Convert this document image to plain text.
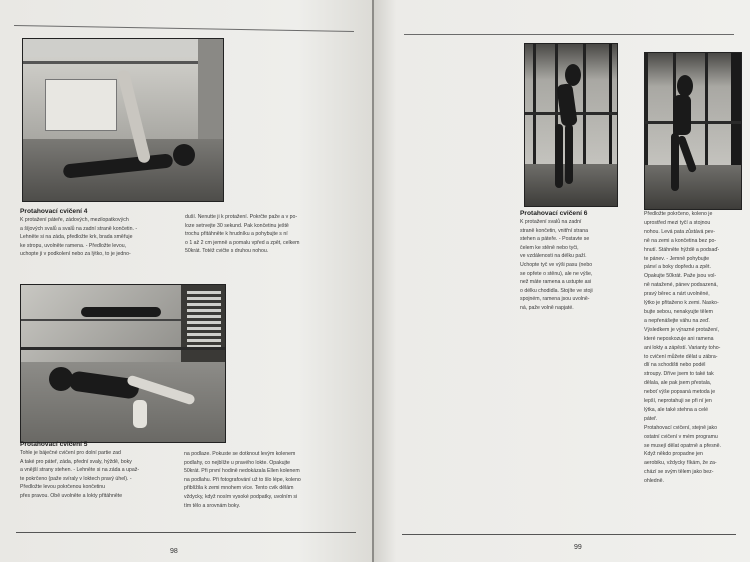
Protahovací cvičení 4
K protažení páteře, zádových, mezilopatkových
a šíjových svalů a svalů na zadní straně končetin. -
Lehněte si na záda, předložte krk, brada směřuje
ke stropu, uvolněte ramena. - Předložte levou,
uchopte ji v podkolení nebo za lýtko, to je jedno-
duší. Nenutte ji k protažení. Pokrčte paže a v po-
loze setrvejte 30 sekund. Pak končetinu ještě
trochu přitáhněte k hrudníku a pohybujte s ní
o 1 až 2 cm jemně a pomalu vpřed a zpět, celkem
50krát. Totéž cvičte s druhou nohou.
Protahovací cvičení 5
Tohle je báječné cvičení pro dolní partie zad
A také pro páteř, záda, přední svaly, hýždě, boky
a vnější strany stehen. - Lehněte si na záda a upaž-
te pokrčeno (paže svíraly v loktech pravý úhel). -
Předložte levou pokrčenou končetinu
přes pravou. Obě uvolněte a lokty přitáhněte
na podlaze. Pokuste se dotknout levým kolenem
podlahy, co nejblíže u pravého lokte. Opakujte
50krát. Při první hodině nedokázala Ellen kolenem
na podlahu. Při fotografování už to šlo lépe, koleno
přiblížila k zemi mnohem více. Tento cvik dělám
vždycky, když nosím vysoké podpatky, uvolním si
tím tělo a srovnám boky.
98
Protahovací cvičení 6
K protažení svalů na zadní
straně končetin, vnitřní strana
stehen a páteře. - Postavte se
čelem ke stěně nebo tyči,
ve vzdálenosti na délku paží.
Uchopte tyč ve výši pasu (nebo
se opřete o stěnu), ale ne výše,
než máte ramena a ustupte asi
o délku chodidla. Stojíte ve stoji
spojném, ramena jsou uvolně-
ná, paže volně napjaté.
Předložte pokrčeno, koleno je
uprostřed mezi tyčí a stojnou
nohou. Levá pata zůstává pev-
ně na zemi a končetina bez po-
hnutí. Stáhněte hýždě a podsaď-
te pánev. - Jemně pohybujte
pánví a boky dopředu a zpět.
Opakujte 50krát. Paže jsou vol-
ně natažené, pánev podsazená,
pravý běrec a nárt uvolněné,
lýtko je přitaženo k zemi. Nasko-
bujte sebou, nenakyujte tělem
a nepřenášejte váhu na zeď.
Výsledkem je výrazné protažení,
které neposkozuje ani ramena
ani lokty a zápěstí. Varianty toho-
to cvičení můžete dělat u zábra-
dlí na schodišti nebo podél
stroupy. Dříve jsem to také tak
dělala, ale pak jsem přestala,
neboť výše popsaná metoda je
lepší, neprotahuji se při ní jen
lýtka, ale také stehna a celé
páteř.
Protahovací cvičení, stejně jako
ostatní cvičení v mém programu
se musejí dělat opatrně a přesně.
Když někdo propadne jen
aerobiku, vždycky říkám, že za-
chází se svým tělem jako bez-
ohledně.
99
